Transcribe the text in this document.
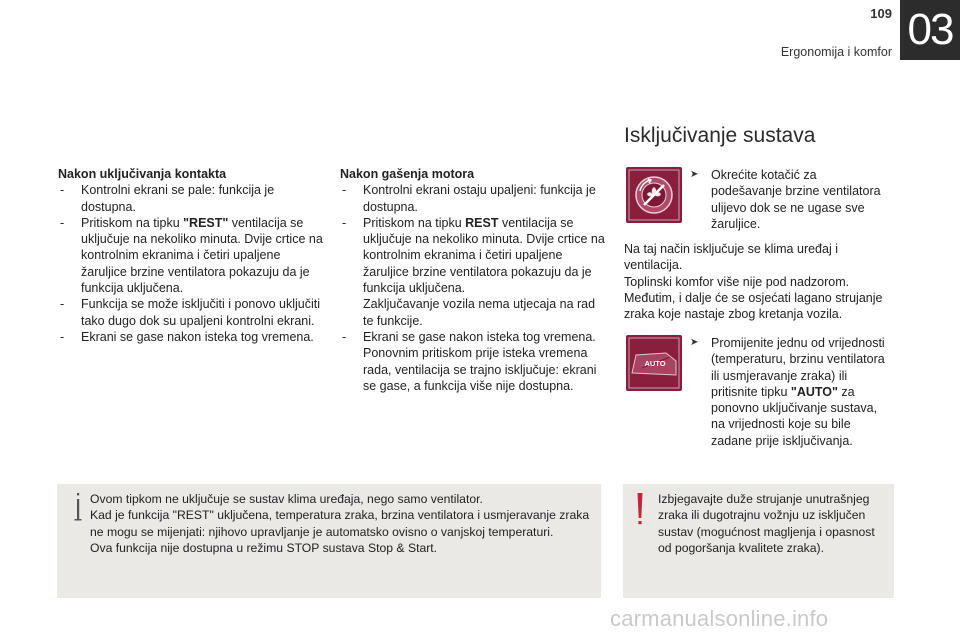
109
Ergonomija i komfor 03
Isključivanje sustava

Nakon uključivanja kontakta

- Kontrolni ekrani se pale: funkcija je dostupna.
- Pritiskom na tipku "REST" ventilacija se uključuje na nekoliko minuta. Dvije crtice na kontrolnim ekranima i četiri upaljene žaruljice brzine ventilatora pokazuju da je funkcija uključena.
- Funkcija se može isključiti i ponovo uključiti tako dugo dok su upaljeni kontrolni ekrani.
- Ekrani se gase nakon isteka tog vremena.

Nakon gašenja motora

- Kontrolni ekrani ostaju upaljeni: funkcija je dostupna.
- Pritiskom na tipku REST ventilacija se uključuje na nekoliko minuta. Dvije crtice na kontrolnim ekranima i četiri upaljene žaruljice brzine ventilatora pokazuju da je funkcija uključena.
Zaključavanje vozila nema utjecaja na rad te funkcije.
- Ekrani se gase nakon isteka tog vremena.
Ponovnim pritiskom prije isteka vremena rada, ventilacija se trajno isključuje: ekrani se gase, a funkcija više nije dostupna.
➤	Okrećite kotačić za podešavanje brzine ventilatora ulijevo dok se ne ugase sve žaruljice.

Na taj način isključuje se klima uređaj i ventilacija.

Toplinski komfor više nije pod nadzorom.

Međutim, i dalje će se osjećati lagano strujanje zraka koje nastaje zbog kretanja vozila.

AUTO
➤	Promijenite jednu od vrijednosti (temperaturu, brzinu ventilatora ili usmjeravanje zraka) ili pritisnite tipku "AUTO" za ponovno uključivanje sustava, na vrijednosti koje su bile zadane prije isključivanja.

Ovom tipkom ne uključuje se sustav klima uređaja, nego samo ventilator.

Kad je funkcija "REST" uključena, temperatura zraka, brzina ventilatora i usmjeravanje zraka ne mogu se mijenjati: njihovo upravljanje je automatsko ovisno o vanjskoj temperaturi.

Ova funkcija nije dostupna u režimu STOP sustava Stop & Start.

Izbjegavajte duže strujanje unutrašnjeg zraka ili dugotrajnu vožnju uz isključen sustav (mogućnost magljenja i opasnost od pogoršanja kvalitete zraka).
carmanualsonline.info
